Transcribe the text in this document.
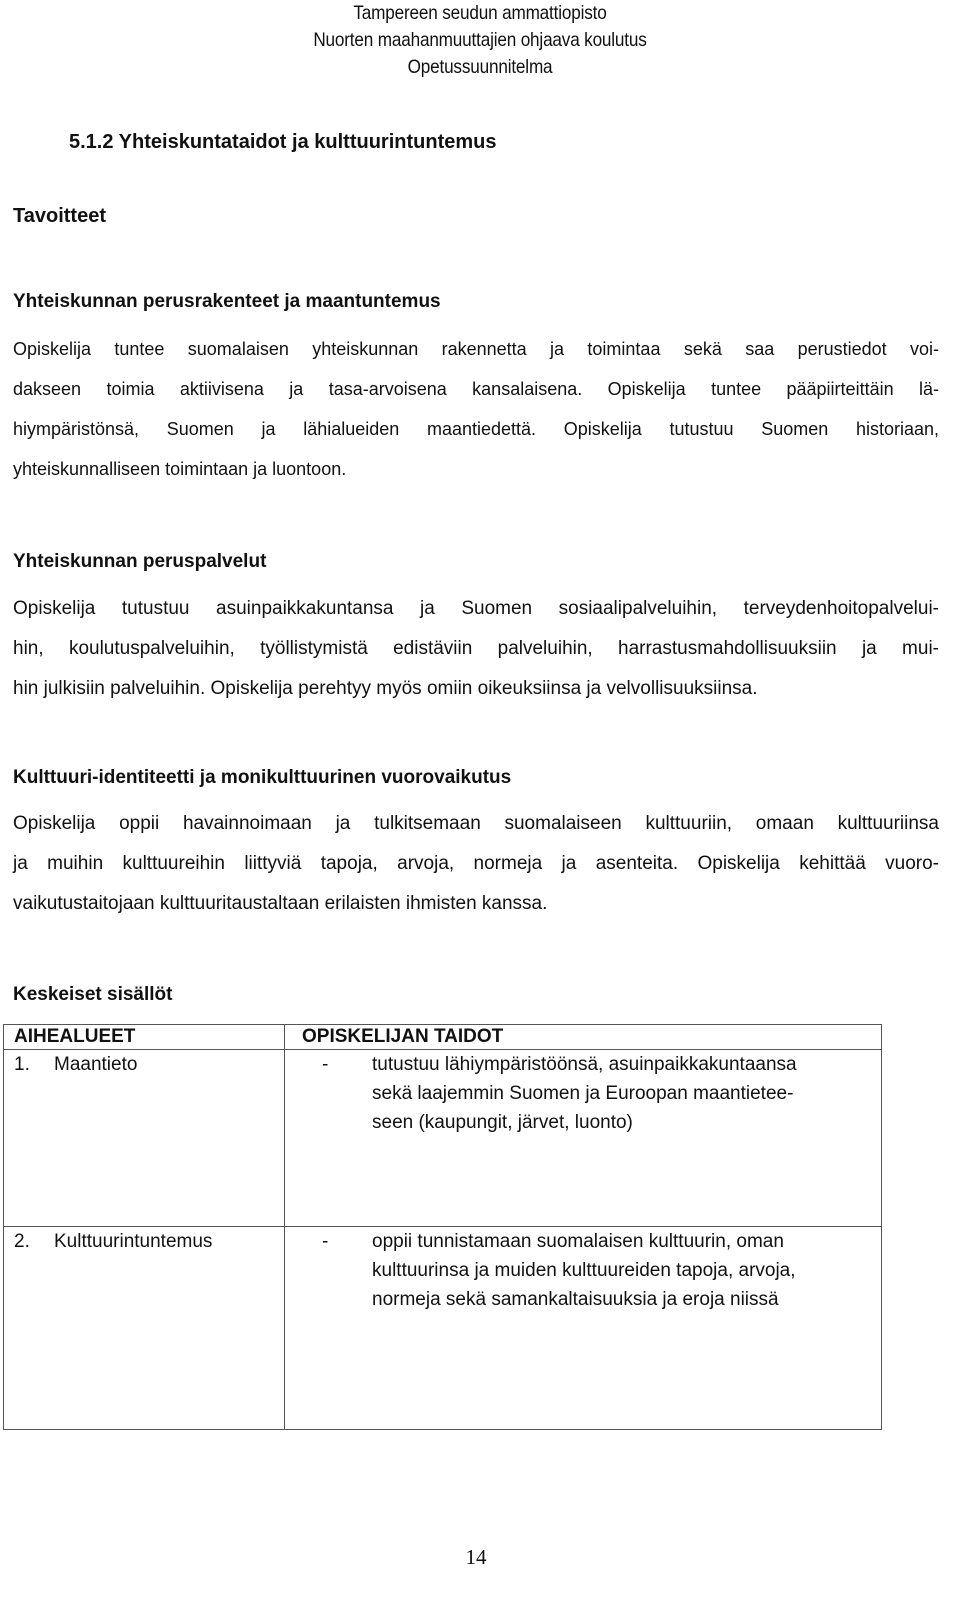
Tampereen seudun ammattiopisto
Nuorten maahanmuuttajien ohjaava koulutus
Opetussuunnitelma
5.1.2 Yhteiskuntataidot ja kulttuurintuntemus
Tavoitteet
Yhteiskunnan perusrakenteet ja maantuntemus
Opiskelija tuntee suomalaisen yhteiskunnan rakennetta ja toimintaa sekä saa perustiedot voi-
dakseen toimia aktiivisena ja tasa-arvoisena kansalaisena. Opiskelija tuntee pääpiirteittäin lä-
hiympäristönsä, Suomen ja lähialueiden maantiedettä. Opiskelija tutustuu Suomen historiaan,
yhteiskunnalliseen toimintaan ja luontoon.
Yhteiskunnan peruspalvelut
Opiskelija tutustuu asuinpaikkakuntansa ja Suomen sosiaalipalveluihin, terveydenhoitopalvelui-
hin, koulutuspalveluihin, työllistymistä edistäviin palveluihin, harrastusmahdollisuuksiin ja mui-
hin julkisiin palveluihin. Opiskelija perehtyy myös omiin oikeuksiinsa ja velvollisuuksiinsa.
Kulttuuri-identiteetti ja monikulttuurinen vuorovaikutus
Opiskelija oppii havainnoimaan ja tulkitsemaan suomalaiseen kulttuuriin, omaan kulttuuriinsa
ja muihin kulttuureihin liittyviä tapoja, arvoja, normeja ja asenteita. Opiskelija kehittää vuoro-
vaikutustaitojaan kulttuuritaustaltaan erilaisten ihmisten kanssa.
Keskeiset sisällöt
AIHEALUEET	OPISKELIJAN TAIDOT
1. Maantieto	- tutustuu lähiympäristöönsä, asuinpaikkakuntaansa
sekä laajemmin Suomen ja Euroopan maantietee-
seen (kaupungit, järvet, luonto)

2. Kulttuurintuntemus	- oppii tunnistamaan suomalaisen kulttuurin, oman
kulttuurinsa ja muiden kulttuureiden tapoja, arvoja,
normeja sekä samankaltaisuuksia ja eroja niissä
14
